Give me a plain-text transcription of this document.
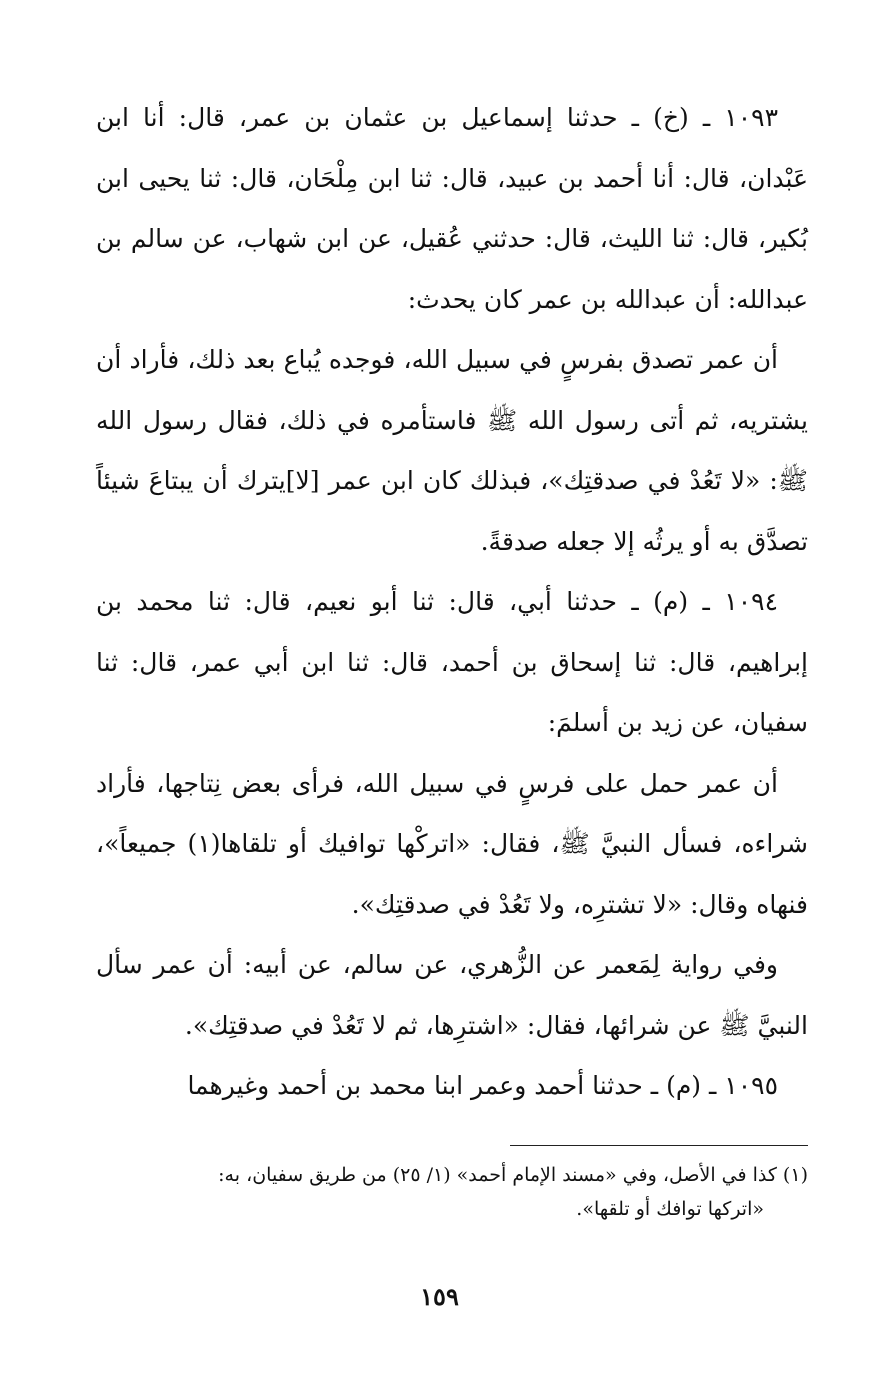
١٠٩٣ ـ (خ) ـ حدثنا إسماعيل بن عثمان بن عمر، قال: أنا ابن عَبْدان، قال: أنا أحمد بن عبيد، قال: ثنا ابن مِلْحَان، قال: ثنا يحيى ابن بُكير، قال: ثنا الليث، قال: حدثني عُقيل، عن ابن شهاب، عن سالم بن عبدالله: أن عبدالله بن عمر كان يحدث:

أن عمر تصدق بفرسٍ في سبيل الله، فوجده يُباع بعد ذلك، فأراد أن يشتريه، ثم أتى رسول الله ﷺ فاستأمره في ذلك، فقال رسول الله ﷺ: «لا تَعُدْ في صدقتِك»، فبذلك كان ابن عمر [لا]يترك أن يبتاعَ شيئاً تصدَّق به أو يرثُه إلا جعله صدقةً.

١٠٩٤ ـ (م) ـ حدثنا أبي، قال: ثنا أبو نعيم، قال: ثنا محمد بن إبراهيم، قال: ثنا إسحاق بن أحمد، قال: ثنا ابن أبي عمر، قال: ثنا سفيان، عن زيد بن أسلمَ:

أن عمر حمل على فرسٍ في سبيل الله، فرأى بعض نِتاجها، فأراد شراءه، فسأل النبيَّ ﷺ، فقال: «اتركْها توافيك أو تلقاها(١) جميعاً»، فنهاه وقال: «لا تشترِه، ولا تَعُدْ في صدقتِك».

وفي رواية لِمَعمر عن الزُّهري، عن سالم، عن أبيه: أن عمر سأل النبيَّ ﷺ عن شرائها، فقال: «اشترِها، ثم لا تَعُدْ في صدقتِك».

١٠٩٥ ـ (م) ـ حدثنا أحمد وعمر ابنا محمد بن أحمد وغيرهما

(١) كذا في الأصل، وفي «مسند الإمام أحمد» (١/ ٢٥) من طريق سفيان، به:

«اتركها توافك أو تلقها».

١٥٩
